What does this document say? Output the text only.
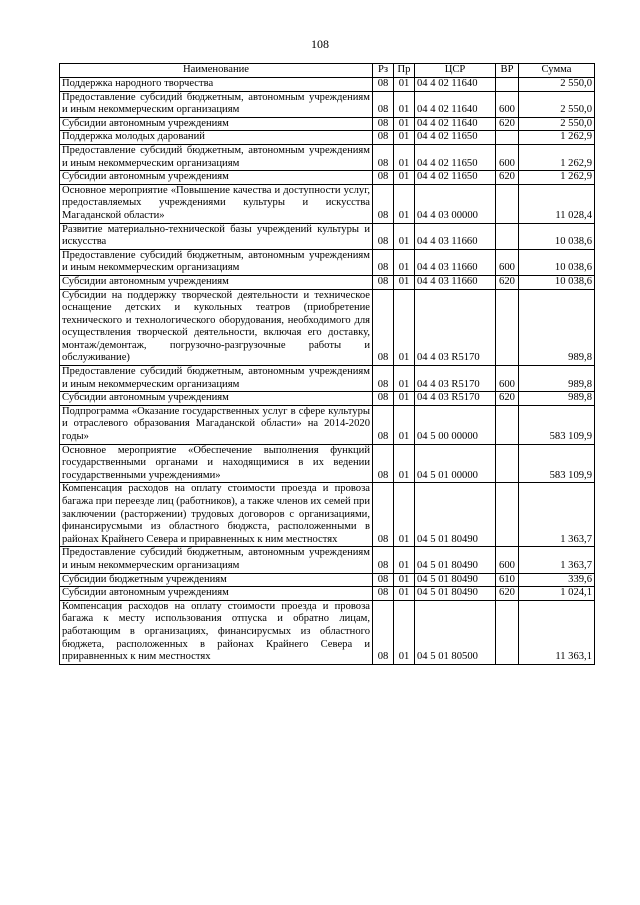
108
Наименование	Рз	Пр	ЦСР	ВР	Сумма
Поддержка народного творчества	08	01	04 4 02 11640		2 550,0
Предоставление субсидий бюджетным, автономным учреждениям и иным некоммерческим организациям	08	01	04 4 02 11640	600	2 550,0
Субсидии автономным учреждениям	08	01	04 4 02 11640	620	2 550,0
Поддержка молодых дарований	08	01	04 4 02 11650		1 262,9
Предоставление субсидий бюджетным, автономным учреждениям и иным некоммерческим организациям	08	01	04 4 02 11650	600	1 262,9
Субсидии автономным учреждениям	08	01	04 4 02 11650	620	1 262,9
Основное мероприятие «Повышение качества и доступности услуг, предоставляемых учреждениями культуры и искусства Магаданской области»	08	01	04 4 03 00000		11 028,4
Развитие материально-технической базы учреждений культуры и искусства	08	01	04 4 03 11660		10 038,6
Предоставление субсидий бюджетным, автономным учреждениям и иным некоммерческим организациям	08	01	04 4 03 11660	600	10 038,6
Субсидии автономным учреждениям	08	01	04 4 03 11660	620	10 038,6
Субсидии на поддержку творческой деятельности и техническое оснащение детских и кукольных театров (приобретение технического и технологического оборудования, необходимого для осуществления творческой деятельности, включая его доставку, монтаж/демонтаж, погрузочно-разгрузочные работы и обслуживание)	08	01	04 4 03 R5170		989,8
Предоставление субсидий бюджетным, автономным учреждениям и иным некоммерческим организациям	08	01	04 4 03 R5170	600	989,8
Субсидии автономным учреждениям	08	01	04 4 03 R5170	620	989,8
Подпрограмма «Оказание государственных услуг в сфере культуры и отраслевого образования Магаданской области» на 2014-2020 годы»	08	01	04 5 00 00000		583 109,9
Основное мероприятие «Обеспечение выполнения функций государственными органами и находящимися в их ведении государственными учреждениями»	08	01	04 5 01 00000		583 109,9
Компенсация расходов на оплату стоимости проезда и провоза багажа при переезде лиц (работников), а также членов их семей при заключении (расторжении) трудовых договоров с организациями, финансирусмыми из областного бюджста, расположенными в районах Крайнего Севера и приравненных к ним местностях	08	01	04 5 01 80490		1 363,7
Предоставление субсидий бюджетным, автономным учреждениям и иным некоммерческим организациям	08	01	04 5 01 80490	600	1 363,7
Субсидии бюджетным учреждениям	08	01	04 5 01 80490	610	339,6
Субсидии автономным учреждениям	08	01	04 5 01 80490	620	1 024,1
Компенсация расходов на оплату стоимости проезда и провоза багажа к месту использования отпуска и обратно лицам, работающим в организациях, финансирусмых из областного бюджета, расположенных в районах Крайнего Севера и приравненных к ним местностях	08	01	04 5 01 80500		11 363,1
